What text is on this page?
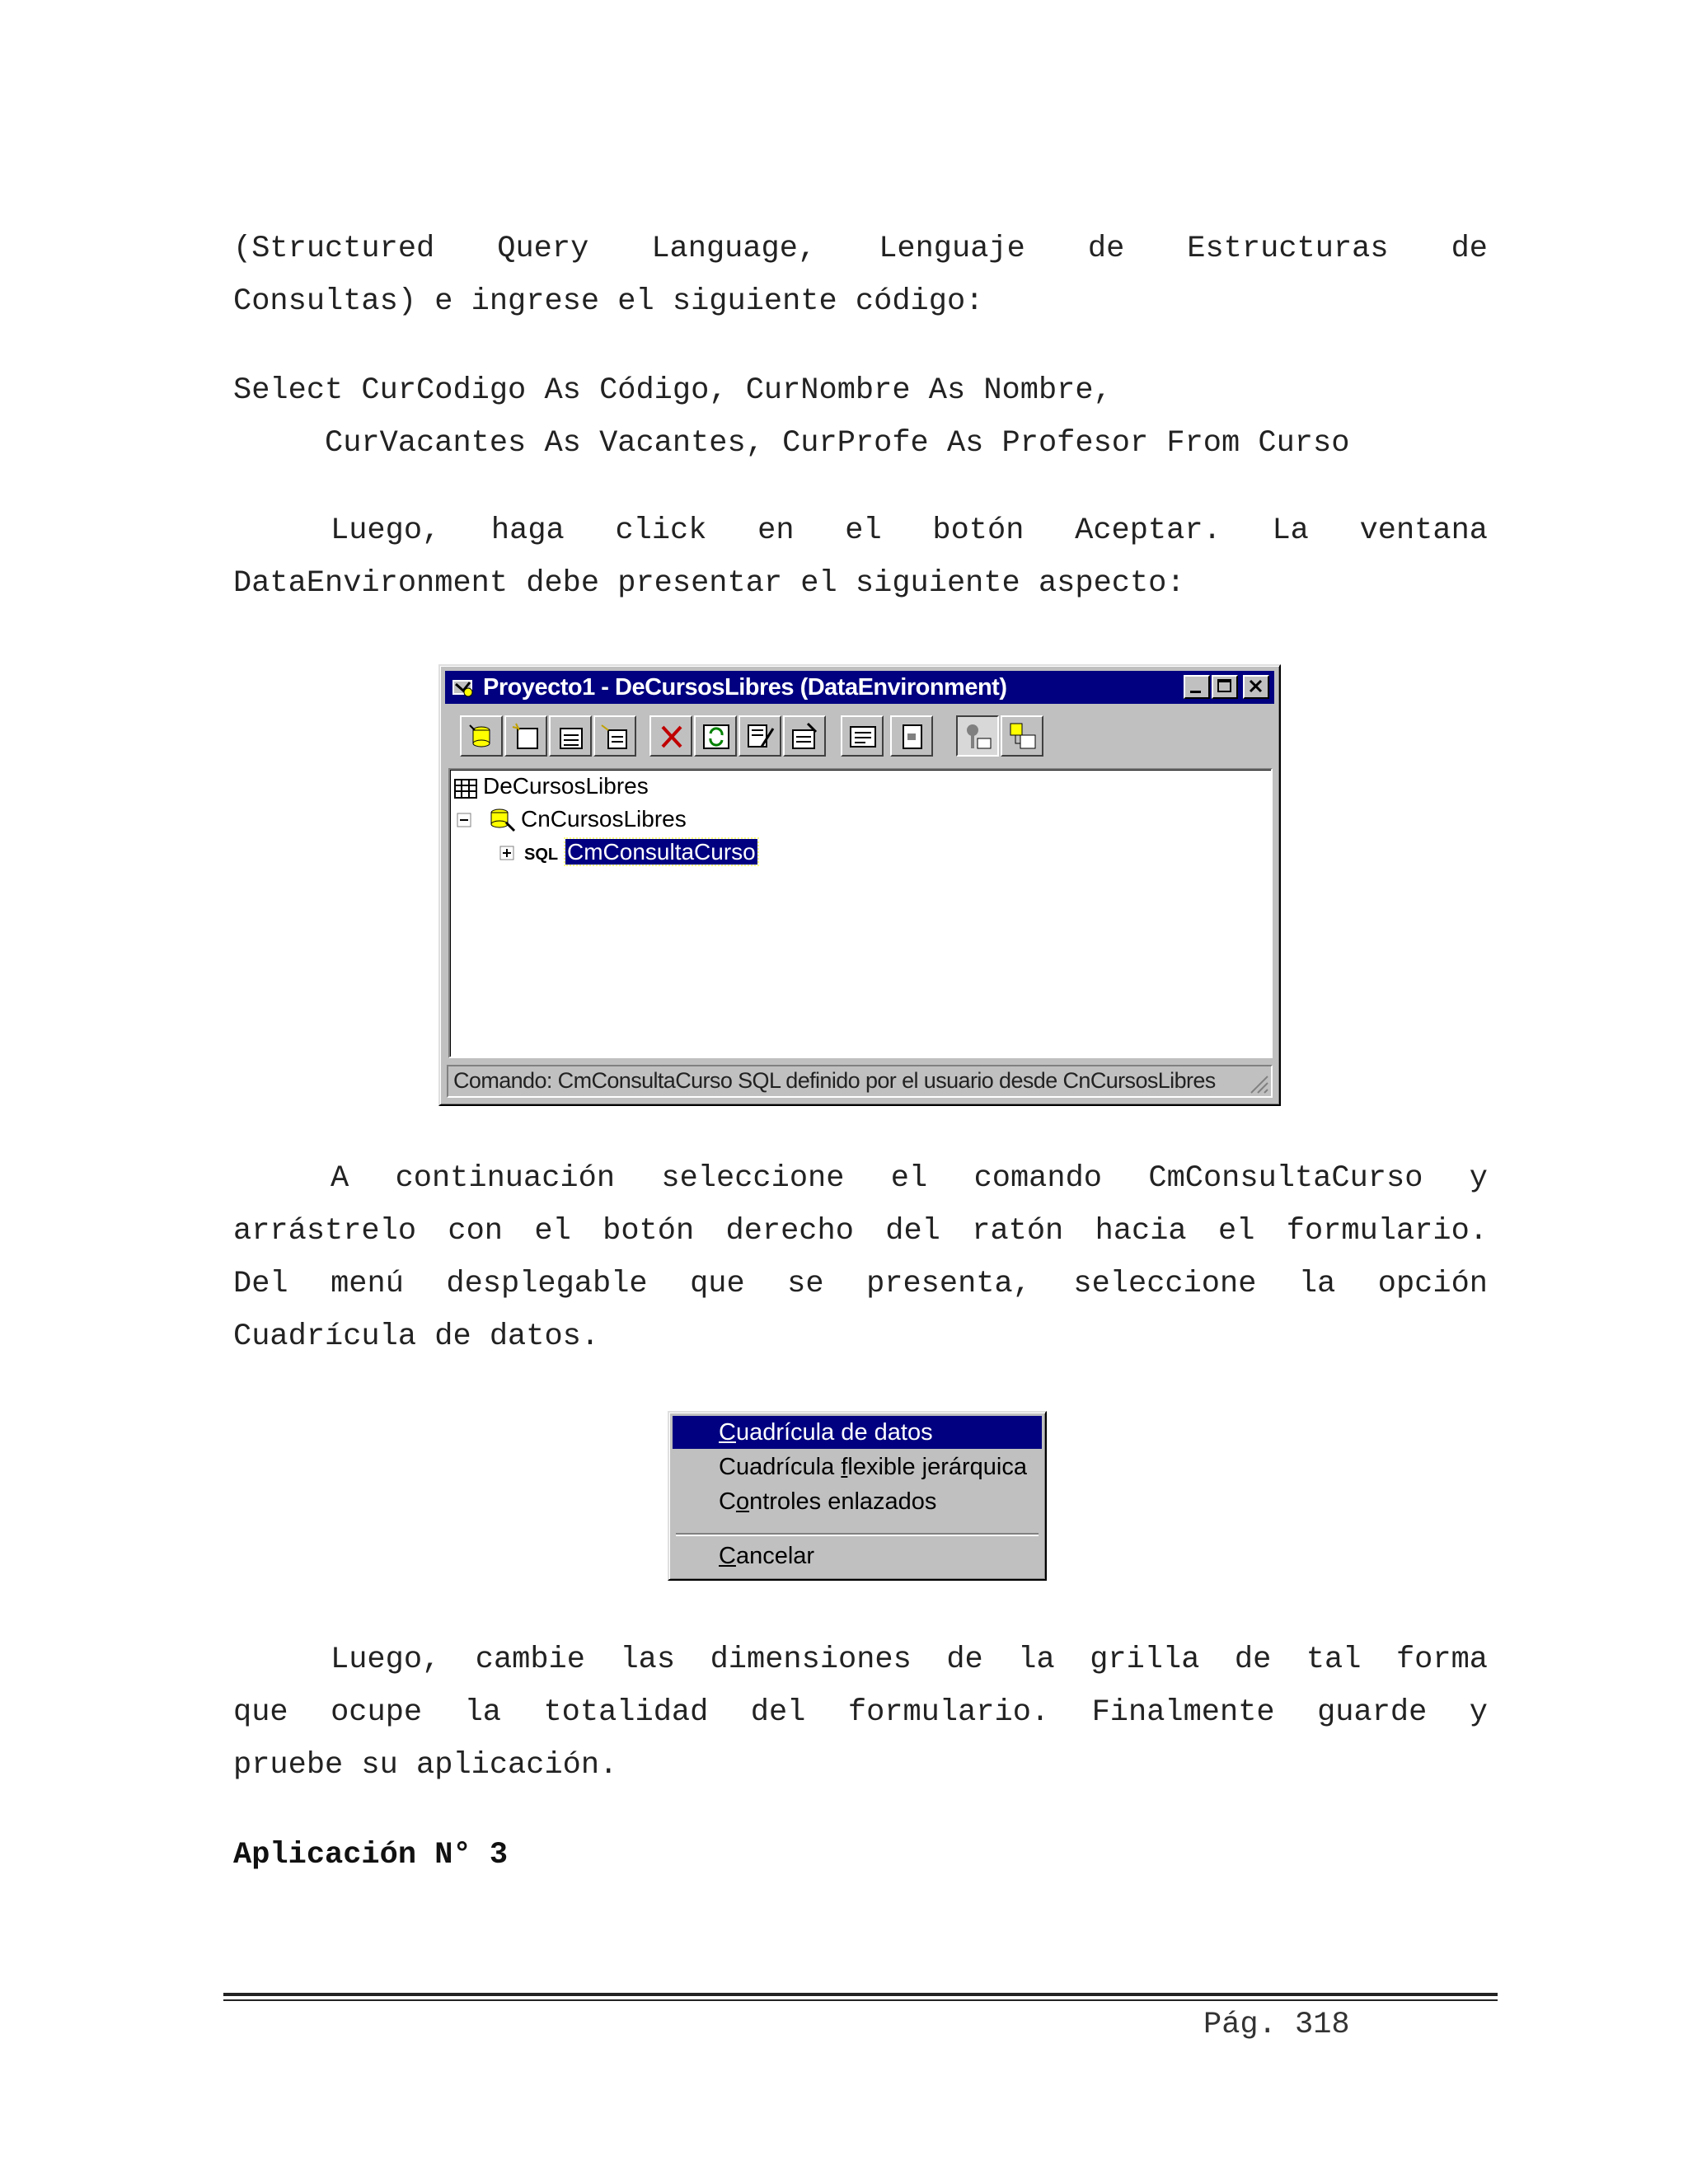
(Structured Query Language, Lenguaje de Estructuras de
Consultas) e ingrese el siguiente código:
Select CurCodigo As Código, CurNombre As Nombre,
CurVacantes As Vacantes, CurProfe As Profesor From Curso
Luego, haga click en el botón Aceptar. La ventana
DataEnvironment debe presentar el siguiente aspecto:
Proyecto1 - DeCursosLibres (DataEnvironment)
DeCursosLibres
CnCursosLibres
SQL CmConsultaCurso
Comando: CmConsultaCurso SQL definido por el usuario desde CnCursosLibres
A continuación seleccione el comando CmConsultaCurso y
arrástrelo con el botón derecho del ratón hacia el formulario.
Del menú desplegable que se presenta, seleccione la opción
Cuadrícula de datos.
Cuadrícula de datos
Cuadrícula flexible jerárquica
Controles enlazados
Cancelar
Luego, cambie las dimensiones de la grilla de tal forma
que ocupe la totalidad del formulario. Finalmente guarde y
pruebe su aplicación.
Aplicación N° 3
Pág. 318
